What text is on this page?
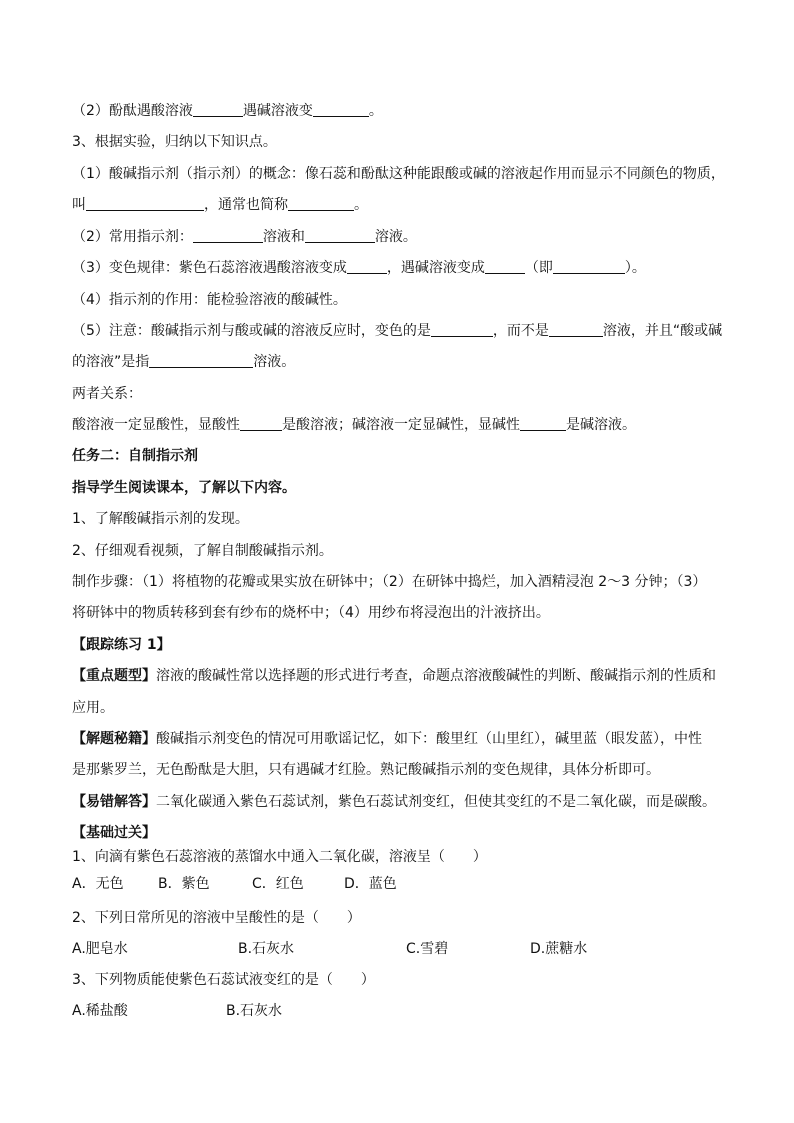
（2）酚酞遇酸溶液	遇碱溶液变	。
3、根据实验，归纳以下知识点。
（1）酸碱指示剂（指示剂）的概念：像石蕊和酚酞这种能跟酸或碱的溶液起作用而显示不同颜色的物质，
叫	，通常也简称	。
（2）常用指示剂：	溶液和	溶液。
（3）变色规律：紫色石蕊溶液遇酸溶液变成	，遇碱溶液变成	（即	）。
（4）指示剂的作用：能检验溶液的酸碱性。
（5）注意：酸碱指示剂与酸或碱的溶液反应时，变色的是	，而不是	溶液，并且“酸或碱
的溶液”是指	溶液。
两者关系：
酸溶液一定显酸性，显酸性	是酸溶液；碱溶液一定显碱性，显碱性	是碱溶液。
任务二：自制指示剂
指导学生阅读课本，了解以下内容。
1、了解酸碱指示剂的发现。
2、仔细观看视频，了解自制酸碱指示剂。
制作步骤：（1）将植物的花瓣或果实放在研钵中；（2）在研钵中捣烂，加入酒精浸泡 2～3 分钟；（3）
将研钵中的物质转移到套有纱布的烧杯中；（4）用纱布将浸泡出的汁液挤出。
【跟踪练习 1】
【重点题型】溶液的酸碱性常以选择题的形式进行考查，命题点溶液酸碱性的判断、酸碱指示剂的性质和
应用。
【解题秘籍】酸碱指示剂变色的情况可用歌谣记忆，如下：酸里红（山里红），碱里蓝（眼发蓝），中性
是那紫罗兰，无色酚酞是大胆，只有遇碱才红脸。熟记酸碱指示剂的变色规律，具体分析即可。
【易错解答】二氧化碳通入紫色石蕊试剂，紫色石蕊试剂变红，但使其变红的不是二氧化碳，而是碳酸。
【基础过关】
1、向滴有紫色石蕊溶液的蒸馏水中通入二氧化碳，溶液呈（　　）
A．无色 B．紫色	C．红色	D．蓝色
2、下列日常所见的溶液中呈酸性的是（　　）
A.肥皂水	B.石灰水	C.雪碧	D.蔗糖水
3、下列物质能使紫色石蕊试液变红的是（　　）
A.稀盐酸	B.石灰水
